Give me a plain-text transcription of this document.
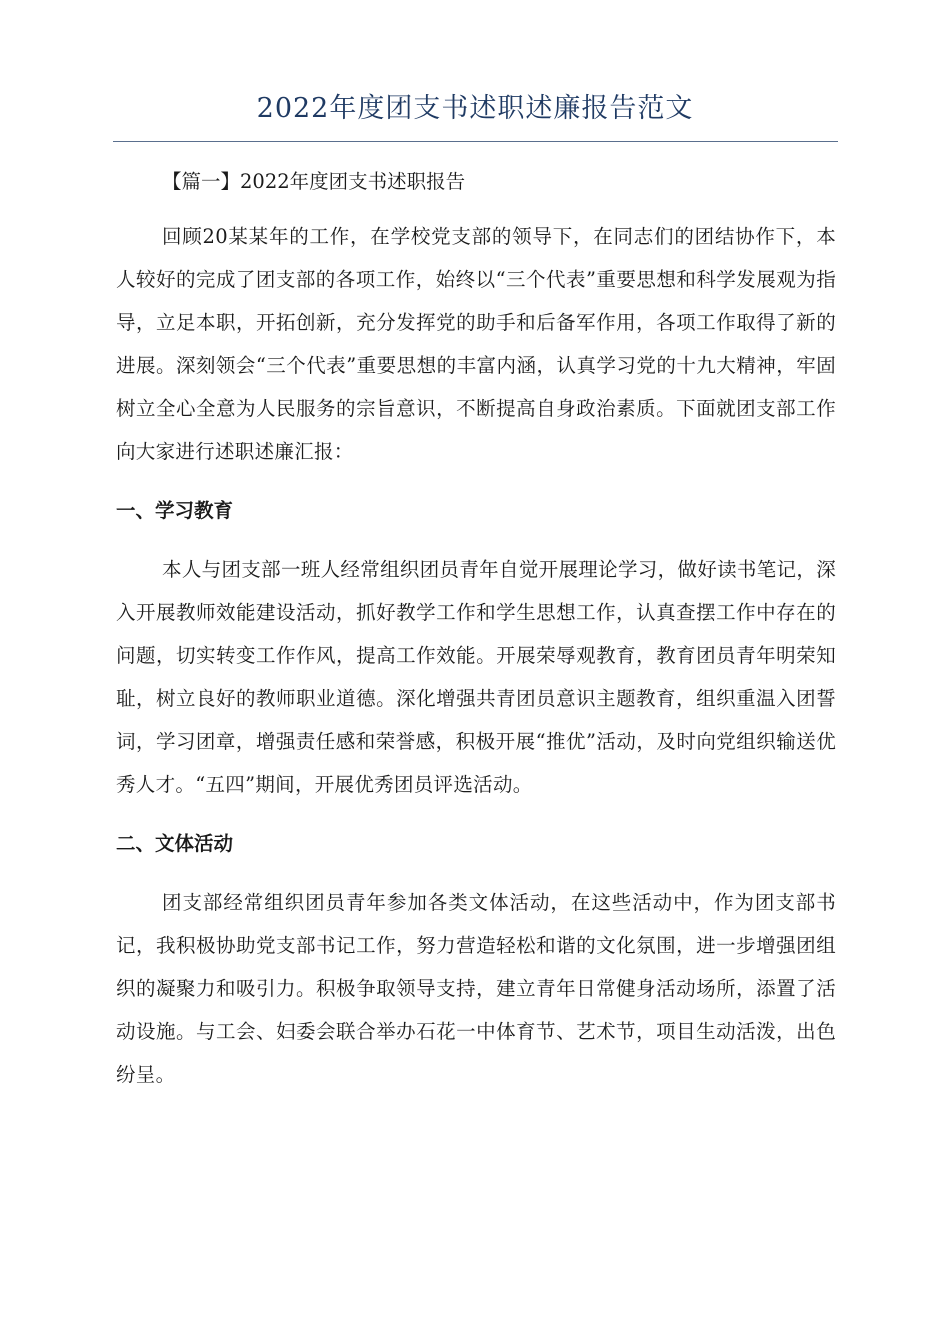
2022年度团支书述职述廉报告范文

【篇一】2022年度团支书述职报告

回顾20某某年的工作，在学校党支部的领导下，在同志们的团结协作下，本人较好的完成了团支部的各项工作，始终以“三个代表”重要思想和科学发展观为指导，立足本职，开拓创新，充分发挥党的助手和后备军作用，各项工作取得了新的进展。深刻领会“三个代表”重要思想的丰富内涵，认真学习党的十九大精神，牢固树立全心全意为人民服务的宗旨意识，不断提高自身政治素质。下面就团支部工作向大家进行述职述廉汇报：

一、学习教育

本人与团支部一班人经常组织团员青年自觉开展理论学习，做好读书笔记，深入开展教师效能建设活动，抓好教学工作和学生思想工作，认真查摆工作中存在的问题，切实转变工作作风，提高工作效能。开展荣辱观教育，教育团员青年明荣知耻，树立良好的教师职业道德。深化增强共青团员意识主题教育，组织重温入团誓词，学习团章，增强责任感和荣誉感，积极开展“推优”活动，及时向党组织输送优秀人才。“五四”期间，开展优秀团员评选活动。

二、文体活动

团支部经常组织团员青年参加各类文体活动，在这些活动中，作为团支部书记，我积极协助党支部书记工作，努力营造轻松和谐的文化氛围，进一步增强团组织的凝聚力和吸引力。积极争取领导支持，建立青年日常健身活动场所，添置了活动设施。与工会、妇委会联合举办石花一中体育节、艺术节，项目生动活泼，出色纷呈。
